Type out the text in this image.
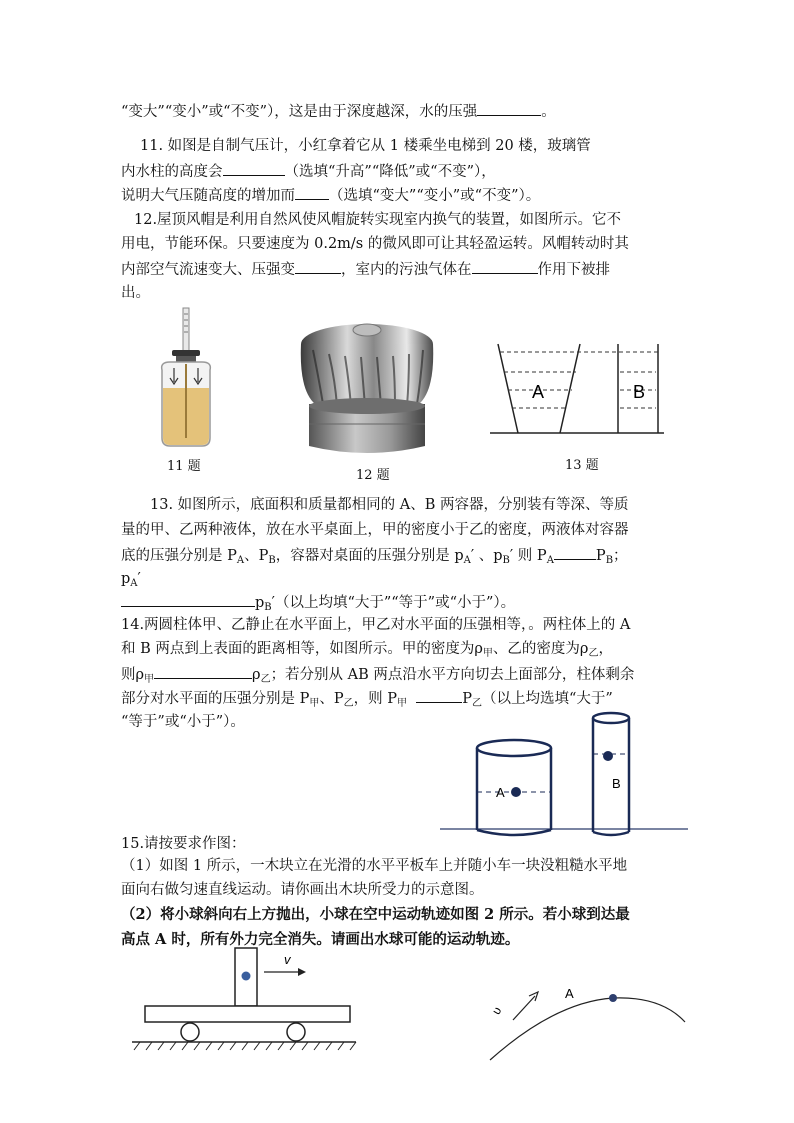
“变大”“变小”或“不变”），这是由于深度越深，水的压强	。
11. 如图是自制气压计，小红拿着它从 1 楼乘坐电梯到 20 楼，玻璃管
内水柱的高度会	（选填“升高”“降低”或“不变”），
说明大气压随高度的增加而 （选填“变大”“变小”或“不变”）。
12.屋顶风帽是利用自然风使风帽旋转实现室内换气的装置，如图所示。它不
用电，节能环保。只要速度为 0.2m/s 的微风即可让其轻盈运转。风帽转动时其
内部空气流速变大、压强变	，室内的污浊气体在	作用下被排
出。
11 题
12 题
A	B
13 题
13. 如图所示，底面积和质量都相同的 A、B 两容器，分别装有等深、等质
量的甲、乙两种液体，放在水平桌面上，甲的密度小于乙的密度，两液体对容器
底的压强分别是 $P_A$、$P_B$，容器对桌面的压强分别是 $p_A'$ 、$p_B'$ 则 $P_A$	$P_B$；
$p_A'$
$p_B'$（以上均填“大于”“等于”或“小于”）。
14.两圆柱体甲、乙静止在水平面上，甲乙对水平面的压强相等，。两柱体上的 A
和 B 两点到上表面的距离相等，如图所示。甲的密度为$\rho_甲$、乙的密度为$\rho_乙$，
则$\rho_甲$	$\rho_乙$；若分别从 AB 两点沿水平方向切去上面部分，柱体剩余
部分对水平面的压强分别是 $P_甲$、$P_乙$，则 $P_甲$	$P_乙$（以上均选填“大于”
“等于”或“小于”）。
A
B
15.请按要求作图：
（1）如图 1 所示，一木块立在光滑的水平平板车上并随小车一块没粗糙水平地
面向右做匀速直线运动。请你画出木块所受力的示意图。
（2）将小球斜向右上方抛出，小球在空中运动轨迹如图 2 所示。若小球到达最
高点 A 时，所有外力完全消失。请画出水球可能的运动轨迹。
v
A
υ
